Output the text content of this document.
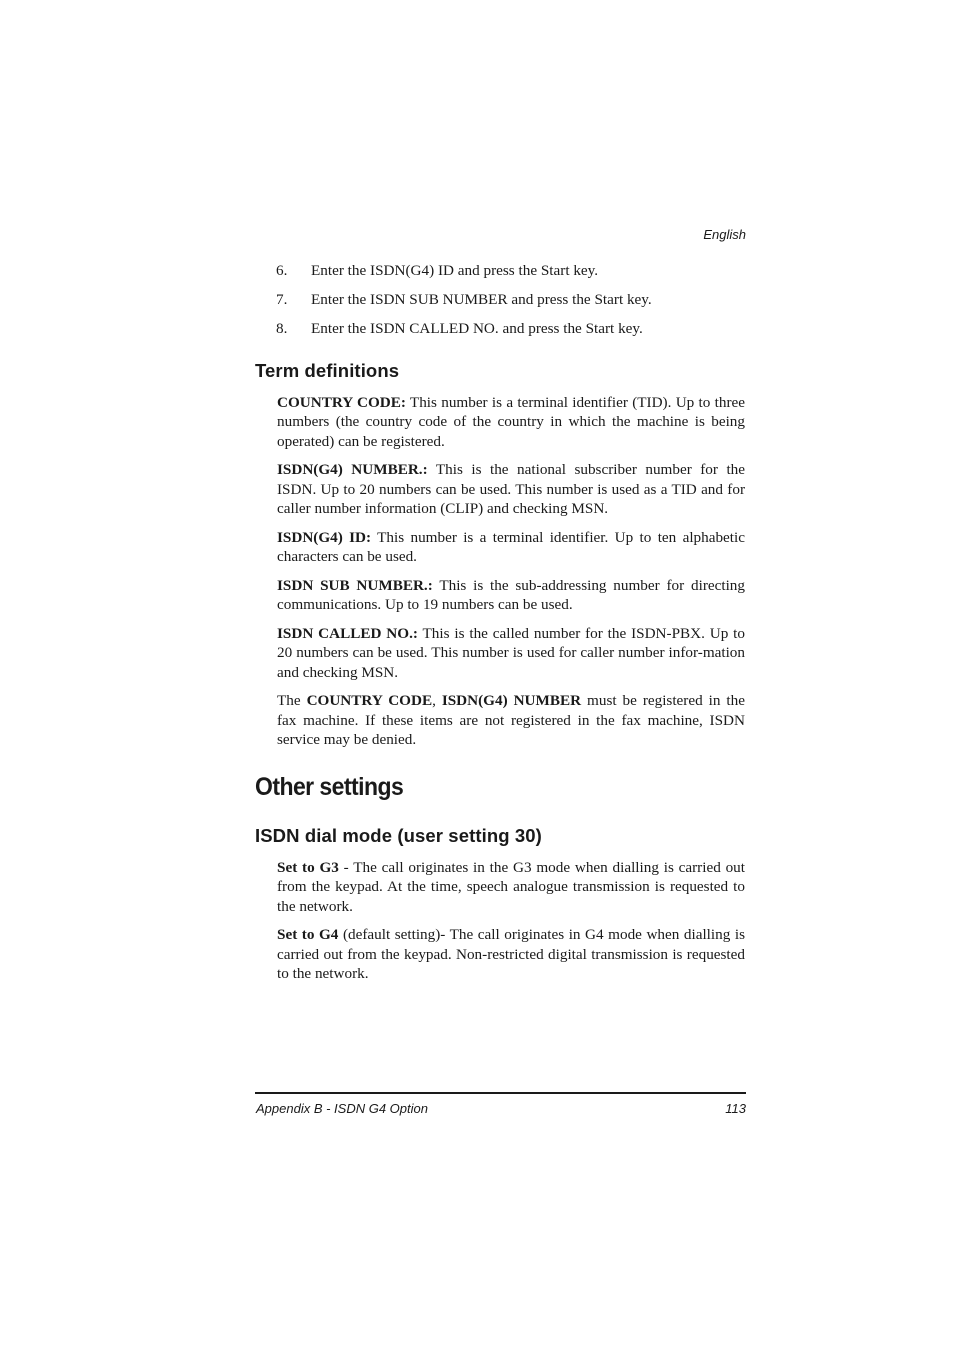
English
6.	Enter the ISDN(G4) ID and press the Start key.
7.	Enter the ISDN SUB NUMBER and press the Start key.
8.	Enter the ISDN CALLED NO. and press the Start key.
Term definitions

COUNTRY CODE: This number is a terminal identifier (TID). Up to three numbers (the country code of the country in which the machine is being operated) can be registered.

ISDN(G4) NUMBER.: This is the national subscriber number for the ISDN. Up to 20 numbers can be used. This number is used as a TID and for caller number information (CLIP) and checking MSN.

ISDN(G4) ID: This number is a terminal identifier. Up to ten alphabetic characters can be used.

ISDN SUB NUMBER.: This is the sub-addressing number for directing communications. Up to 19 numbers can be used.

ISDN CALLED NO.: This is the called number for the ISDN-PBX. Up to 20 numbers can be used. This number is used for caller number infor-mation and checking MSN.

The COUNTRY CODE, ISDN(G4) NUMBER must be registered in the fax machine. If these items are not registered in the fax machine, ISDN service may be denied.

Other settings
ISDN dial mode (user setting 30)

Set to G3 - The call originates in the G3 mode when dialling is carried out from the keypad. At the time, speech analogue transmission is requested to the network.

Set to G4 (default setting)- The call originates in G4 mode when dialling is carried out from the keypad. Non-restricted digital transmission is requested to the network.

Appendix B - ISDN G4 Option	113
